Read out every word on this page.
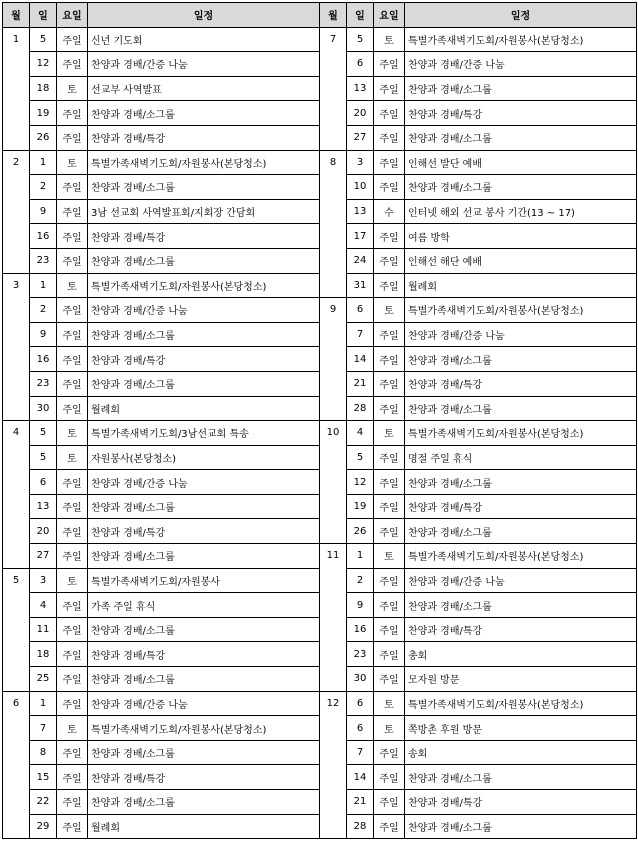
월	일	요일	일정	월	일	요일	일정
1	5	주일	신년 기도회	7	5	토	특별가족새벽기도회/자원봉사(본당청소)
	12	주일	찬양과 경배/간증 나눔		6	주일	찬양과 경배/간증 나눔
	18	토	선교부 사역발표		13	주일	찬양과 경배/소그룹
	19	주일	찬양과 경배/소그룹		20	주일	찬양과 경배/특강
	26	주일	찬양과 경배/특강		27	주일	찬양과 경배/소그룹
2	1	토	특별가족새벽기도회/자원봉사(본당청소)	8	3	주일	인해선 발단 예배
	2	주일	찬양과 경배/소그룹		10	주일	찬양과 경배/소그룹
	9	주일	3남 선교회 사역발표회/지회장 간담회		13	수	인터넷 해외 선교 봉사 기간(13 ~ 17)
	16	주일	찬양과 경배/특강		17	주일	여름 방학
	23	주일	찬양과 경배/소그룹		24	주일	인해선 해단 예배
3	1	토	특별가족새벽기도회/자원봉사(본당청소)		31	주일	월례회
	2	주일	찬양과 경배/간증 나눔	9	6	토	특별가족새벽기도회/자원봉사(본당청소)
	9	주일	찬양과 경배/소그룹		7	주일	찬양과 경배/간증 나눔
	16	주일	찬양과 경배/특강		14	주일	찬양과 경배/소그룹
	23	주일	찬양과 경배/소그룹		21	주일	찬양과 경배/특강
	30	주일	월례회		28	주일	찬양과 경배/소그룹
4	5	토	특별가족새벽기도회/3남선교회 특송	10	4	토	특별가족새벽기도회/자원봉사(본당청소)
	5	토	자원봉사(본당청소)		5	주일	명절 주일 휴식
	6	주일	찬양과 경배/간증 나눔		12	주일	찬양과 경배/소그룹
	13	주일	찬양과 경배/소그룹		19	주일	찬양과 경배/특강
	20	주일	찬양과 경배/특강		26	주일	찬양과 경배/소그룹
	27	주일	찬양과 경배/소그룹	11	1	토	특별가족새벽기도회/자원봉사(본당청소)
5	3	토	특별가족새벽기도회/자원봉사		2	주일	찬양과 경배/간증 나눔
	4	주일	가족 주일 휴식		9	주일	찬양과 경배/소그룹
	11	주일	찬양과 경배/소그룹		16	주일	찬양과 경배/특강
	18	주일	찬양과 경배/특강		23	주일	총회
	25	주일	찬양과 경배/소그룹		30	주일	모자원 방문
6	1	주일	찬양과 경배/간증 나눔	12	6	토	특별가족새벽기도회/자원봉사(본당청소)
	7	토	특별가족새벽기도회/자원봉사(본당청소)		6	토	쪽방촌 후원 방문
	8	주일	찬양과 경배/소그룹		7	주일	송회
	15	주일	찬양과 경배/특강		14	주일	찬양과 경배/소그룹
	22	주일	찬양과 경배/소그룹		21	주일	찬양과 경배/특강
	29	주일	월례회		28	주일	찬양과 경배/소그룹
